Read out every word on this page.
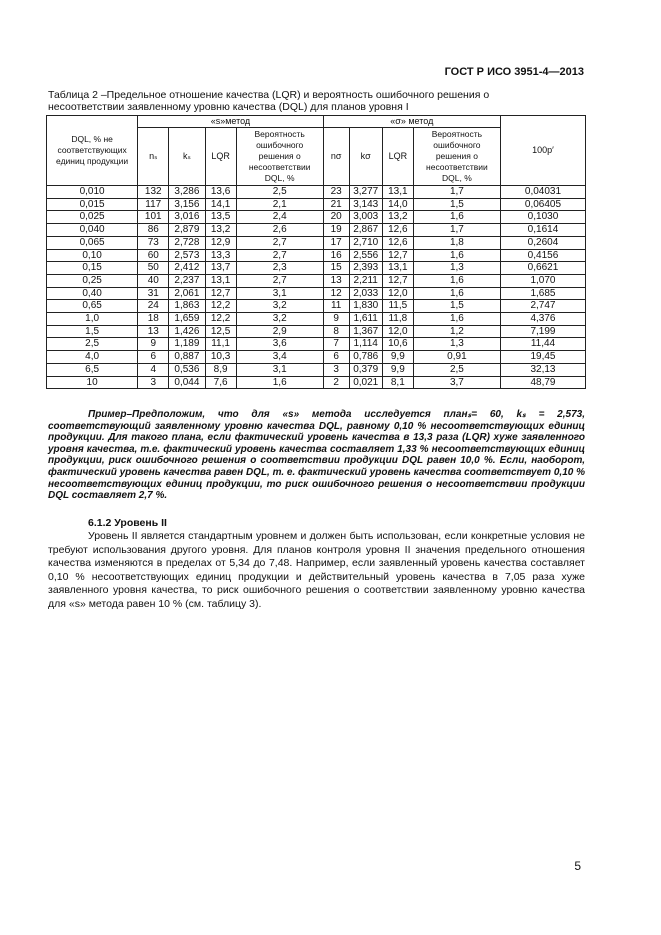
ГОСТ Р ИСО 3951-4—2013
Таблица 2 –Предельное отношение качества (LQR) и вероятность ошибочного решения о
несоответствии заявленному уровню качества (DQL) для планов уровня I
DQL, % не соответствующих единиц продукции	«s»метод				«σ» метод				100p′
	nₛ	kₛ	LQR	Вероятность ошибочного решения о несоответствии DQL, %	nσ	kσ	LQR	Вероятность ошибочного решения о несоответствии DQL, %	
0,010	132	3,286	13,6	2,5	23	3,277	13,1	1,7	0,04031
0,015	117	3,156	14,1	2,1	21	3,143	14,0	1,5	0,06405
0,025	101	3,016	13,5	2,4	20	3,003	13,2	1,6	0,1030
0,040	86	2,879	13,2	2,6	19	2,867	12,6	1,7	0,1614
0,065	73	2,728	12,9	2,7	17	2,710	12,6	1,8	0,2604
0,10	60	2,573	13,3	2,7	16	2,556	12,7	1,6	0,4156
0,15	50	2,412	13,7	2,3	15	2,393	13,1	1,3	0,6621
0,25	40	2,237	13,1	2,7	13	2,211	12,7	1,6	1,070
0,40	31	2,061	12,7	3,1	12	2,033	12,0	1,6	1,685
0,65	24	1,863	12,2	3,2	11	1,830	11,5	1,5	2,747
1,0	18	1,659	12,2	3,2	9	1,611	11,8	1,6	4,376
1,5	13	1,426	12,5	2,9	8	1,367	12,0	1,2	7,199
2,5	9	1,189	11,1	3,6	7	1,114	10,6	1,3	11,44
4,0	6	0,887	10,3	3,4	6	0,786	9,9	0,91	19,45
6,5	4	0,536	8,9	3,1	3	0,379	9,9	2,5	32,13
10	3	0,044	7,6	1,6	2	0,021	8,1	3,7	48,79

Пример–Предположим, что для «s» метода исследуется планₛ= 60, kₛ = 2,573, соответствующий заявленному уровню качества DQL, равному 0,10 % несоответствующих единиц продукции. Для такого плана, если фактический уровень качества в 13,3 раза (LQR) хуже заявленного уровня качества, т.е. фактический уровень качества составляет 1,33 % несоответствующих единиц продукции, риск ошибочного решения о соответствии продукции DQL равен 10,0 %. Если, наоборот, фактический уровень качества равен DQL, т. е. фактический уровень качества соответствует 0,10 % несоответствующих единиц продукции, то риск ошибочного решения о несоответствии продукции DQL составляет 2,7 %.

6.1.2 Уровень II

Уровень II является стандартным уровнем и должен быть использован, если конкретные условия не требуют использования другого уровня. Для планов контроля уровня II значения предельного отношения качества изменяются в пределах от 5,34 до 7,48. Например, если заявленный уровень качества составляет 0,10 % несоответствующих единиц продукции и действительный уровень качества в 7,05 раза хуже заявленного уровня качества, то риск ошибочного решения о соответствии заявленному уровню качества для «s» метода равен 10 % (см. таблицу 3).

5
